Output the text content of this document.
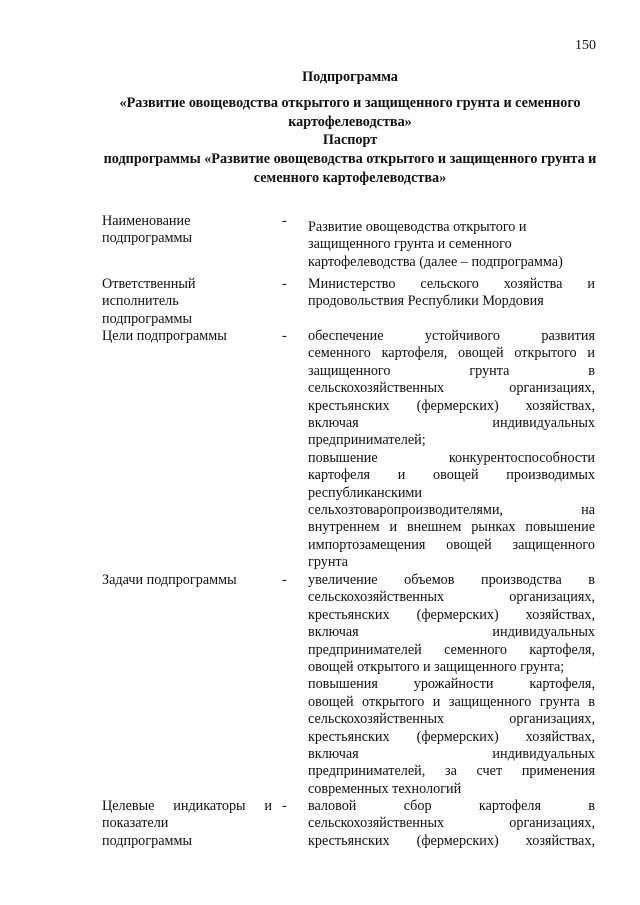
150
Подпрограмма
«Развитие овощеводства открытого и защищенного грунта и семенного картофелеводства»
Паспорт
подпрограммы «Развитие овощеводства открытого и защищенного грунта и семенного картофелеводства»
Наименование
подпрограммы
- Развитие овощеводства открытого и
защищенного грунта и семенного
картофелеводства (далее – подпрограмма)
Ответственный
исполнитель
подпрограммы
- Министерство сельского хозяйства и
продовольствия Республики Мордовия
Цели подпрограммы	- обеспечение устойчивого развития
семенного картофеля, овощей открытого и
защищенного грунта в
сельскохозяйственных организациях,
крестьянских (фермерских) хозяйствах,
включая индивидуальных
предпринимателей;
повышение конкурентоспособности
картофеля и овощей производимых
республиканскими
сельхозтоваропроизводителями, на
внутреннем и внешнем рынках повышение
импортозамещения овощей защищенного
грунта
Задачи подпрограммы	- увеличение объемов производства в
сельскохозяйственных организациях,
крестьянских (фермерских) хозяйствах,
включая индивидуальных
предпринимателей семенного картофеля,
овощей открытого и защищенного грунта;
повышения урожайности картофеля,
овощей открытого и защищенного грунта в
сельскохозяйственных организациях,
крестьянских (фермерских) хозяйствах,
включая индивидуальных
предпринимателей, за счет применения
современных технологий
Целевые индикаторы и
показатели
подпрограммы
- валовой сбор картофеля в
сельскохозяйственных организациях,
крестьянских (фермерских) хозяйствах,
